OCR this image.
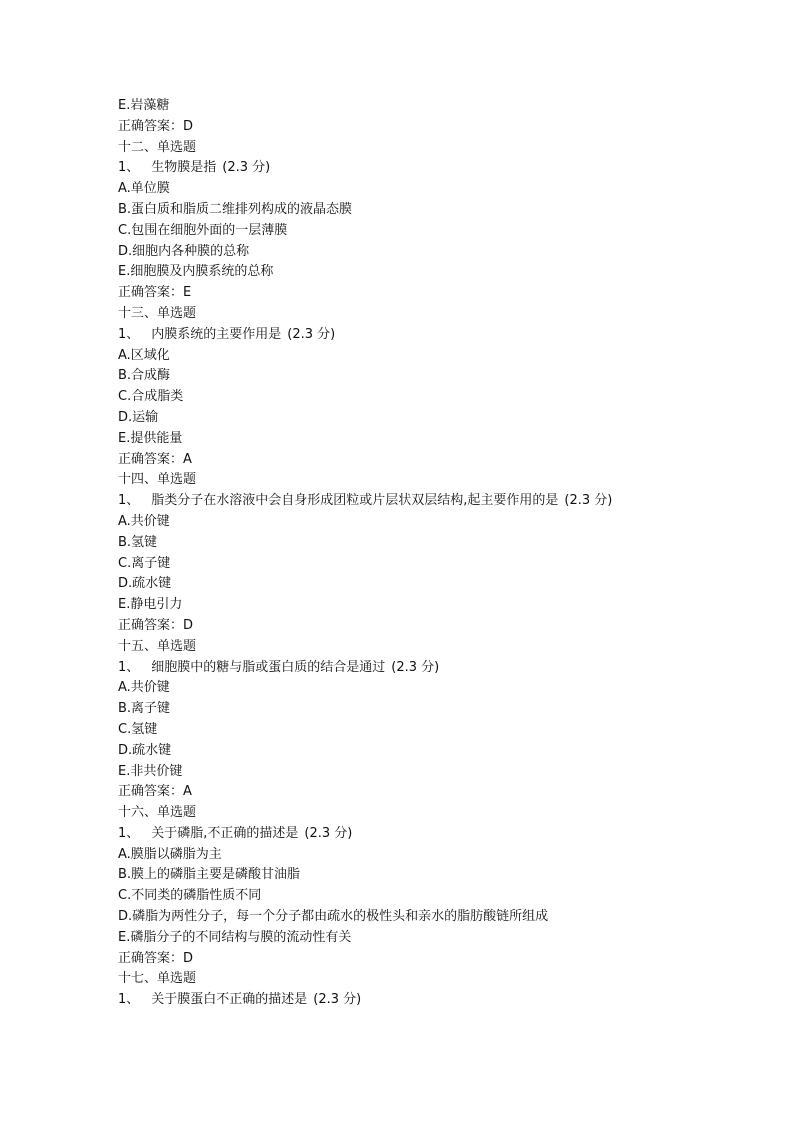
E.岩藻糖
正确答案：D
十二、单选题
1、 生物膜是指 (2.3 分)
A.单位膜
B.蛋白质和脂质二维排列构成的液晶态膜
C.包围在细胞外面的一层薄膜
D.细胞内各种膜的总称
E.细胞膜及内膜系统的总称
正确答案：E
十三、单选题
1、 内膜系统的主要作用是 (2.3 分)
A.区域化
B.合成酶
C.合成脂类
D.运输
E.提供能量
正确答案：A
十四、单选题
1、 脂类分子在水溶液中会自身形成团粒或片层状双层结构,起主要作用的是 (2.3 分)
A.共价键
B.氢键
C.离子键
D.疏水键
E.静电引力
正确答案：D
十五、单选题
1、 细胞膜中的糖与脂或蛋白质的结合是通过 (2.3 分)
A.共价键
B.离子键
C.氢键
D.疏水键
E.非共价键
正确答案：A
十六、单选题
1、 关于磷脂,不正确的描述是 (2.3 分)
A.膜脂以磷脂为主
B.膜上的磷脂主要是磷酸甘油脂
C.不同类的磷脂性质不同
D.磷脂为两性分子，每一个分子都由疏水的极性头和亲水的脂肪酸链所组成
E.磷脂分子的不同结构与膜的流动性有关
正确答案：D
十七、单选题
1、 关于膜蛋白不正确的描述是 (2.3 分)
